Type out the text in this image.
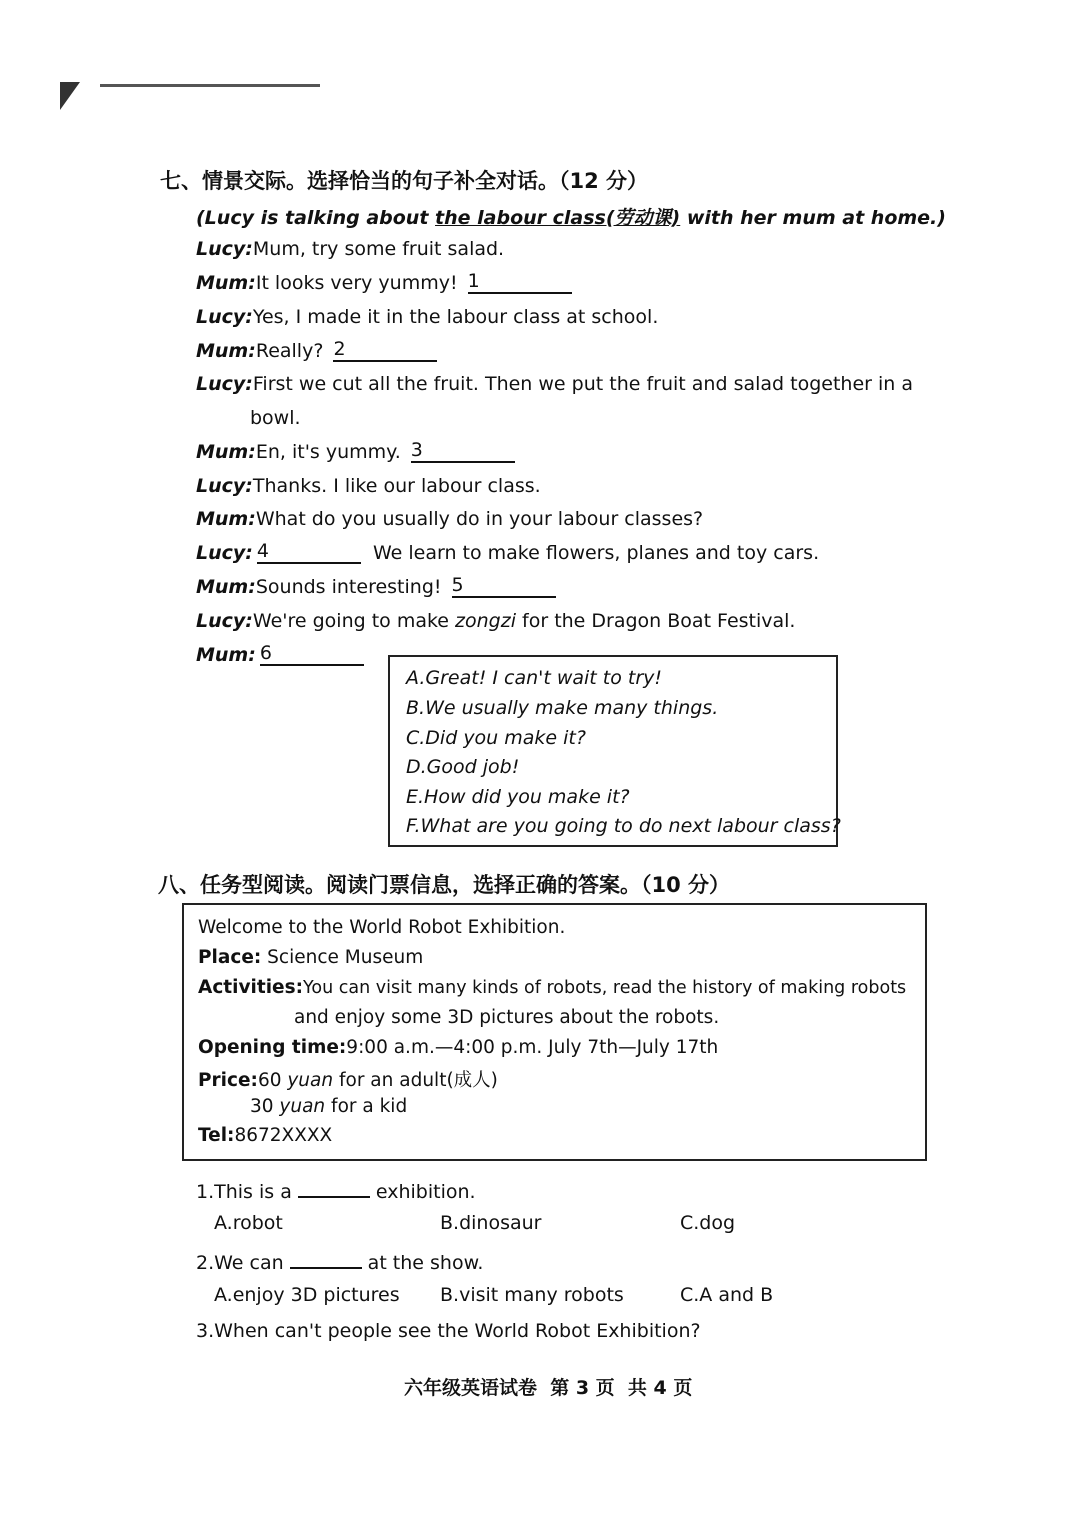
七、情景交际。选择恰当的句子补全对话。（12 分）
(Lucy is talking about the labour class(劳动课) with her mum at home.)
Lucy:Mum, try some fruit salad.
Mum:It looks very yummy! 1
Lucy:Yes, I made it in the labour class at school.
Mum:Really? 2
Lucy:First we cut all the fruit. Then we put the fruit and salad together in a
bowl.
Mum:En, it's yummy. 3
Lucy:Thanks. I like our labour class.
Mum:What do you usually do in your labour classes?
Lucy: 4	We learn to make flowers, planes and toy cars.
Mum:Sounds interesting! 5
Lucy:We're going to make zongzi for the Dragon Boat Festival.
Mum: 6
A.Great! I can't wait to try!
B.We usually make many things.
C.Did you make it?
D.Good job!
E.How did you make it?
F.What are you going to do next labour class?
八、任务型阅读。阅读门票信息，选择正确的答案。（10 分）
Welcome to the World Robot Exhibition.
Place: Science Museum
Activities:You can visit many kinds of robots, read the history of making robots
and enjoy some 3D pictures about the robots.
Opening time:9:00 a.m.—4:00 p.m. July 7th—July 17th
Price:60 yuan for an adult(成人)
30 yuan for a kid
Tel:8672XXXX
1.This is a	exhibition.
A.robot	B.dinosaur	C.dog
2.We can	at the show.
A.enjoy 3D pictures B.visit many robots	C.A and B
3.When can't people see the World Robot Exhibition?
六年级英语试卷  第 3 页  共 4 页
